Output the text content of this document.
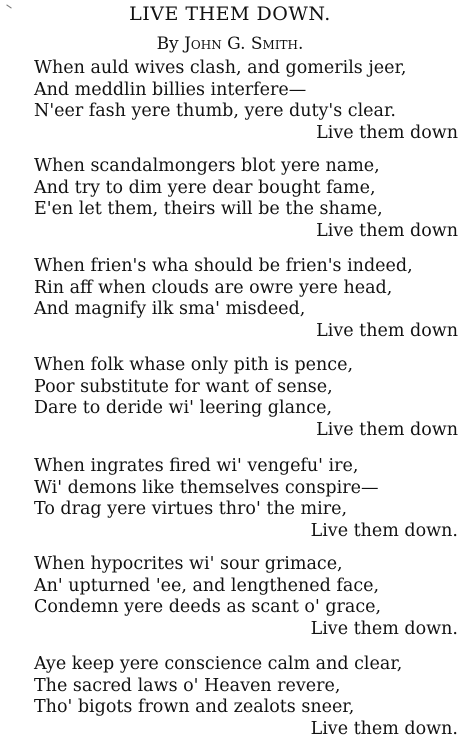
LIVE THEM DOWN.
By John G. Smith.
When auld wives clash, and gomerils jeer,
And meddlin billies interfere—
N'eer fash yere thumb, yere duty's clear.
Live them down
When scandalmongers blot yere name,
And try to dim yere dear bought fame,
E'en let them, theirs will be the shame,
Live them down
When frien's wha should be frien's indeed,
Rin aff when clouds are owre yere head,
And magnify ilk sma' misdeed,
Live them down
When folk whase only pith is pence,
Poor substitute for want of sense,
Dare to deride wi' leering glance,
Live them down
When ingrates fired wi' vengefu' ire,
Wi' demons like themselves conspire—
To drag yere virtues thro' the mire,
Live them down.
When hypocrites wi' sour grimace,
An' upturned 'ee, and lengthened face,
Condemn yere deeds as scant o' grace,
Live them down.
Aye keep yere conscience calm and clear,
The sacred laws o' Heaven revere,
Tho' bigots frown and zealots sneer,
Live them down.
